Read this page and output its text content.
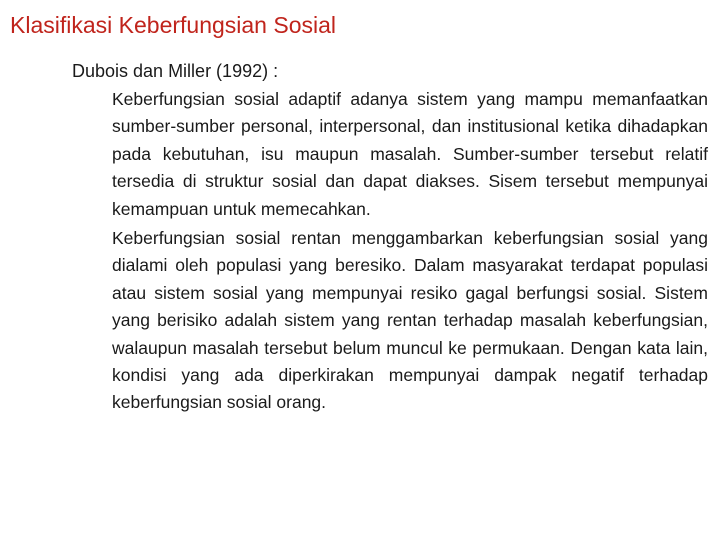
Klasifikasi Keberfungsian Sosial
Dubois dan Miller (1992) :

Keberfungsian sosial adaptif adanya sistem yang mampu memanfaatkan sumber-sumber personal, interpersonal, dan institusional ketika dihadapkan pada kebutuhan, isu maupun masalah. Sumber-sumber tersebut relatif tersedia di struktur sosial dan dapat diakses. Sisem tersebut mempunyai kemampuan untuk memecahkan.

Keberfungsian sosial rentan menggambarkan keberfungsian sosial yang dialami oleh populasi yang beresiko. Dalam masyarakat terdapat populasi atau sistem sosial yang mempunyai resiko gagal berfungsi sosial. Sistem yang berisiko adalah sistem yang rentan terhadap masalah keberfungsian, walaupun masalah tersebut belum muncul ke permukaan. Dengan kata lain, kondisi yang ada diperkirakan mempunyai dampak negatif terhadap keberfungsian sosial orang.
